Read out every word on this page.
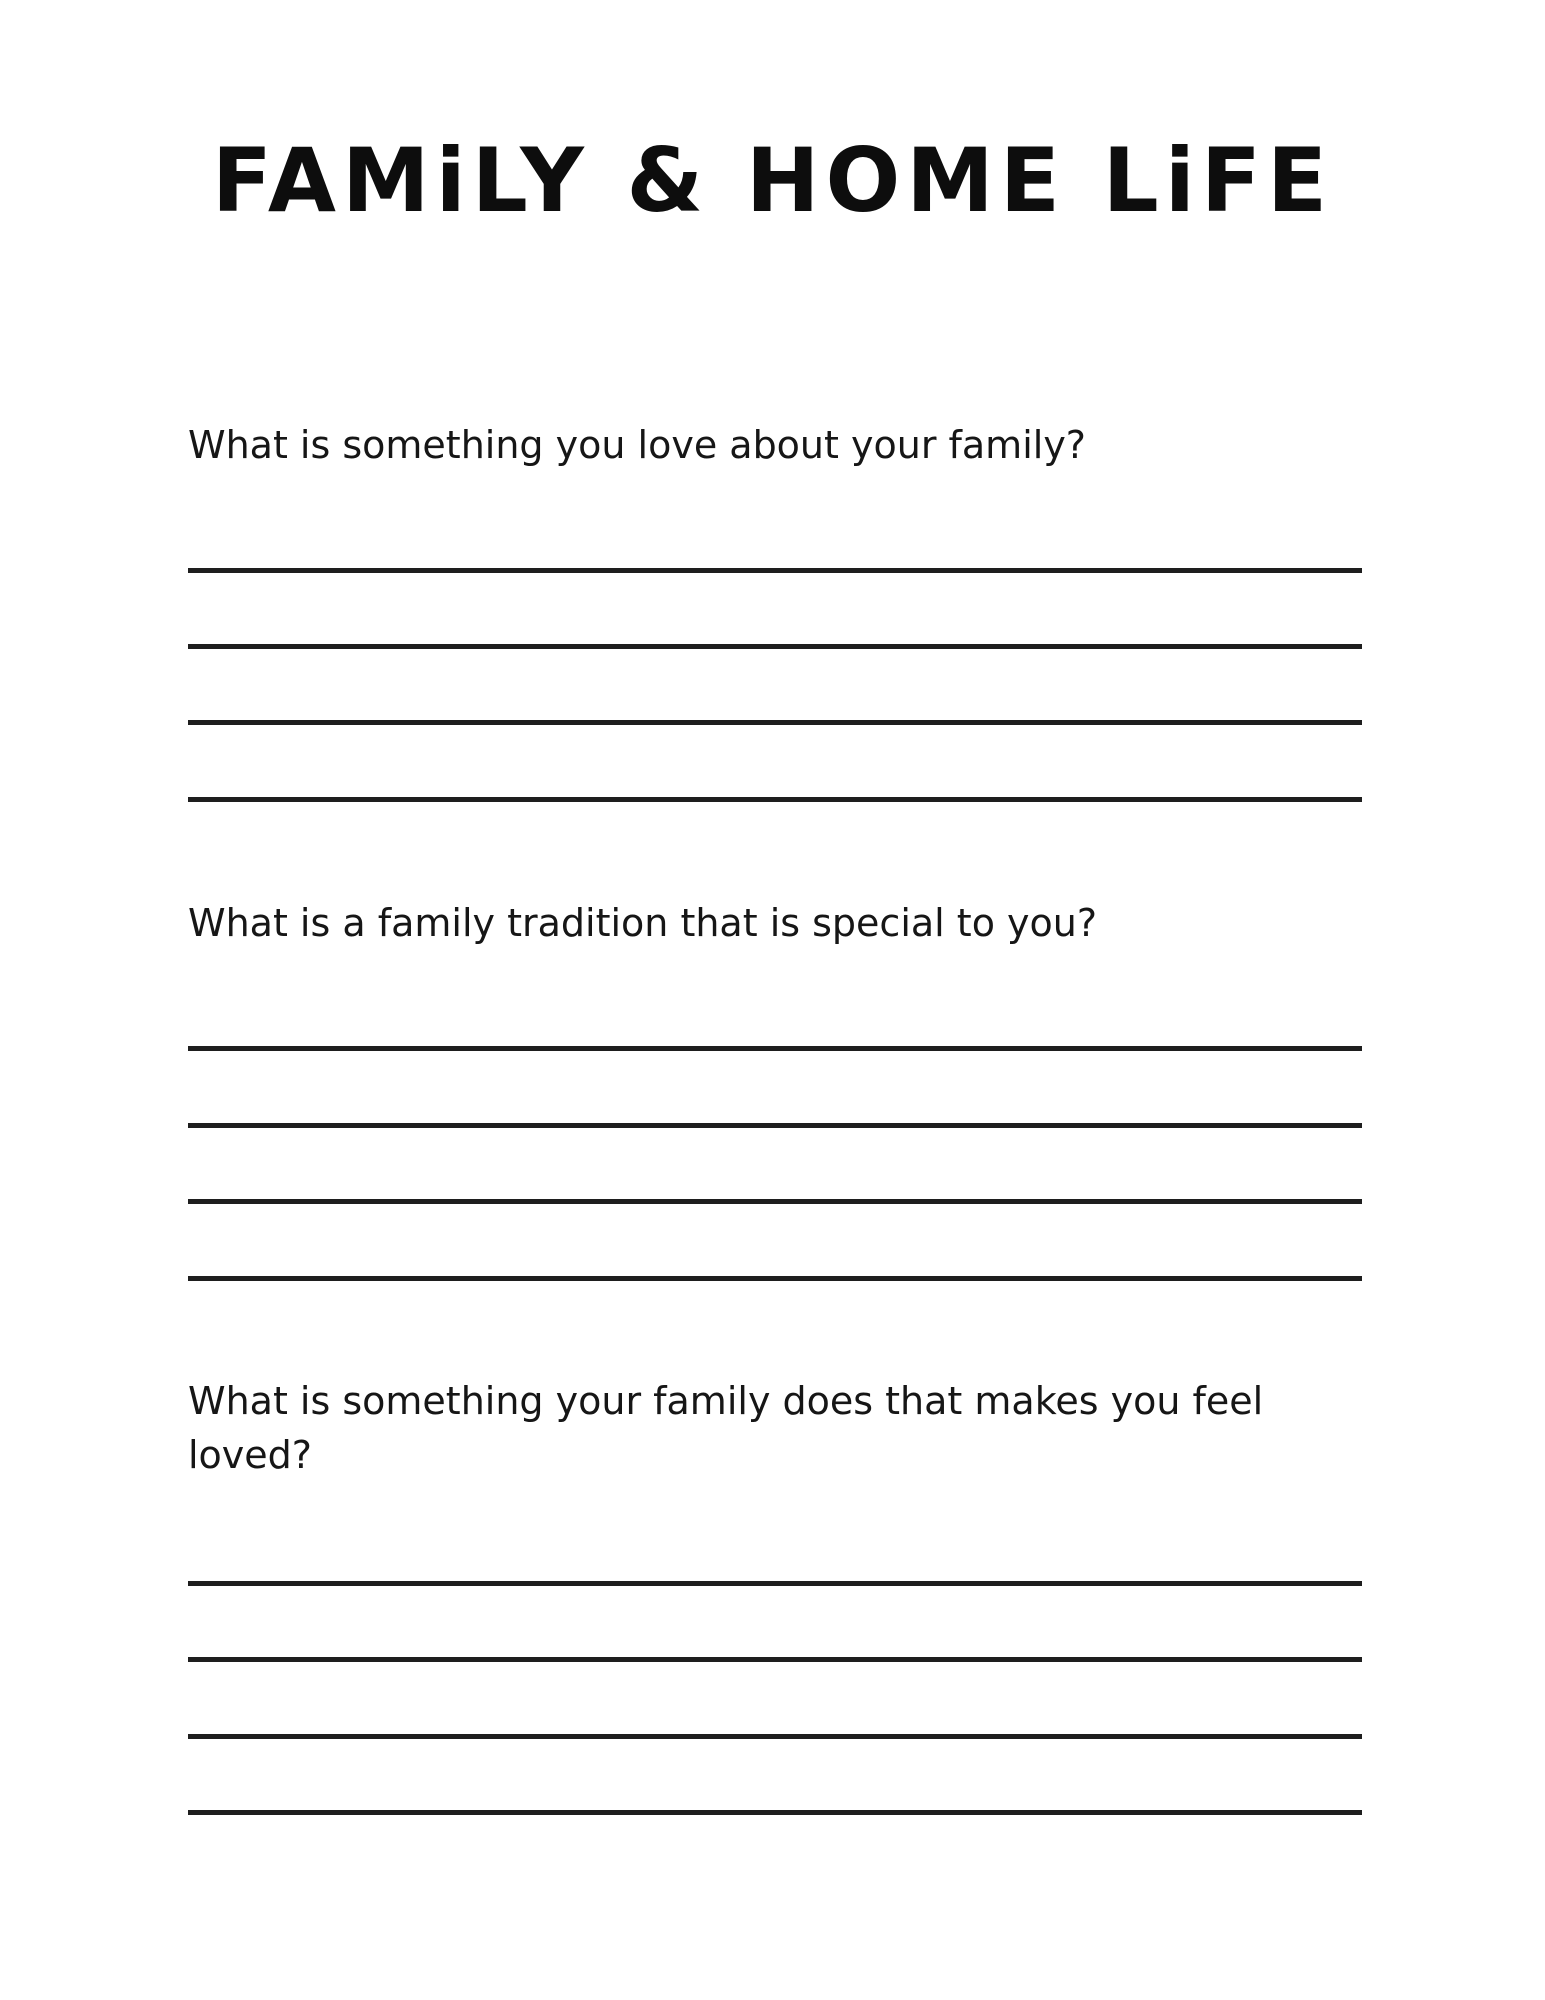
FAMiLY & HOME LiFE

What is something you love about your family?

What is a family tradition that is special to you?

What is something your family does that makes you feel loved?
